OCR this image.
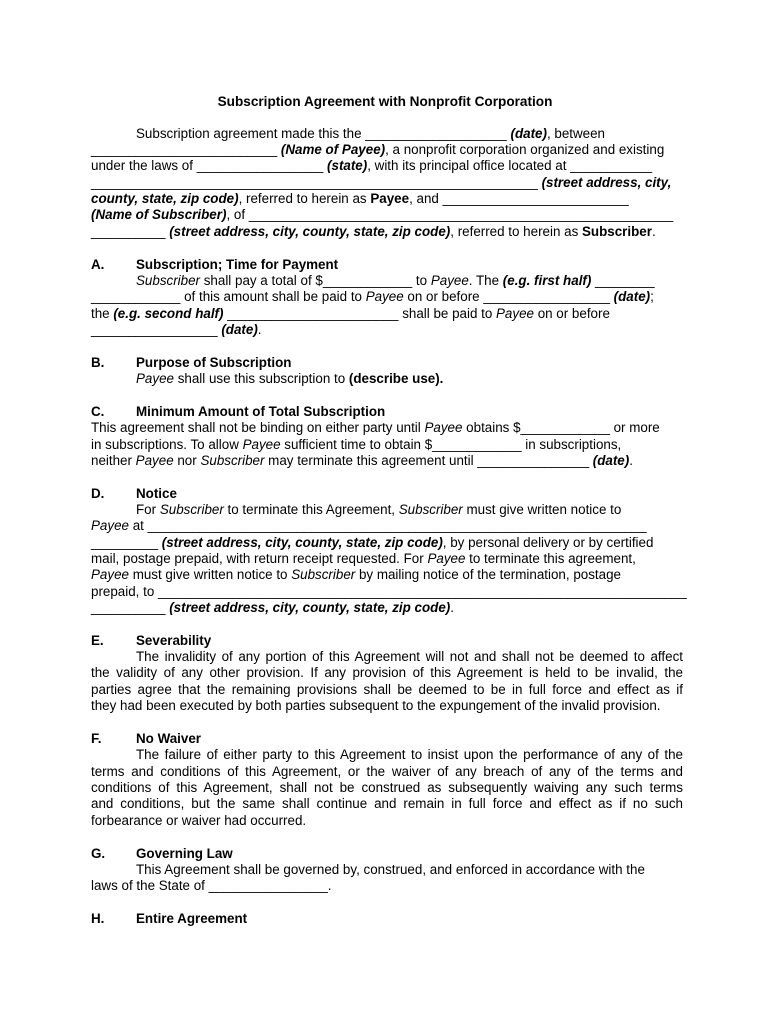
Subscription Agreement with Nonprofit Corporation
Subscription agreement made this the ___________________ (date), between
_________________________ (Name of Payee), a nonprofit corporation organized and existing
under the laws of _________________ (state), with its principal office located at ___________
____________________________________________________________ (street address, city,
county, state, zip code), referred to herein as Payee, and _________________________
(Name of Subscriber), of _________________________________________________________
__________ (street address, city, county, state, zip code), referred to herein as Subscriber.
A. Subscription; Time for Payment
Subscriber shall pay a total of $____________ to Payee. The (e.g. first half) ________
____________ of this amount shall be paid to Payee on or before _________________ (date);
the (e.g. second half) _______________________ shall be paid to Payee on or before
_________________ (date).
B. Purpose of Subscription
Payee shall use this subscription to (describe use).
C. Minimum Amount of Total Subscription
This agreement shall not be binding on either party until Payee obtains $____________ or more
in subscriptions. To allow Payee sufficient time to obtain $____________ in subscriptions,
neither Payee nor Subscriber may terminate this agreement until _______________ (date).
D. Notice
For Subscriber to terminate this Agreement, Subscriber must give written notice to
Payee at ___________________________________________________________________
_________ (street address, city, county, state, zip code), by personal delivery or by certified
mail, postage prepaid, with return receipt requested. For Payee to terminate this agreement,
Payee must give written notice to Subscriber by mailing notice of the termination, postage
prepaid, to _______________________________________________________________________
__________ (street address, city, county, state, zip code).
E. Severability
The invalidity of any portion of this Agreement will not and shall not be deemed to affect
the validity of any other provision. If any provision of this Agreement is held to be invalid, the
parties agree that the remaining provisions shall be deemed to be in full force and effect as if
they had been executed by both parties subsequent to the expungement of the invalid provision.
F.	No Waiver
The failure of either party to this Agreement to insist upon the performance of any of the
terms and conditions of this Agreement, or the waiver of any breach of any of the terms and
conditions of this Agreement, shall not be construed as subsequently waiving any such terms
and conditions, but the same shall continue and remain in full force and effect as if no such
forbearance or waiver had occurred.
G. Governing Law
This Agreement shall be governed by, construed, and enforced in accordance with the
laws of the State of ________________.
H. Entire Agreement
